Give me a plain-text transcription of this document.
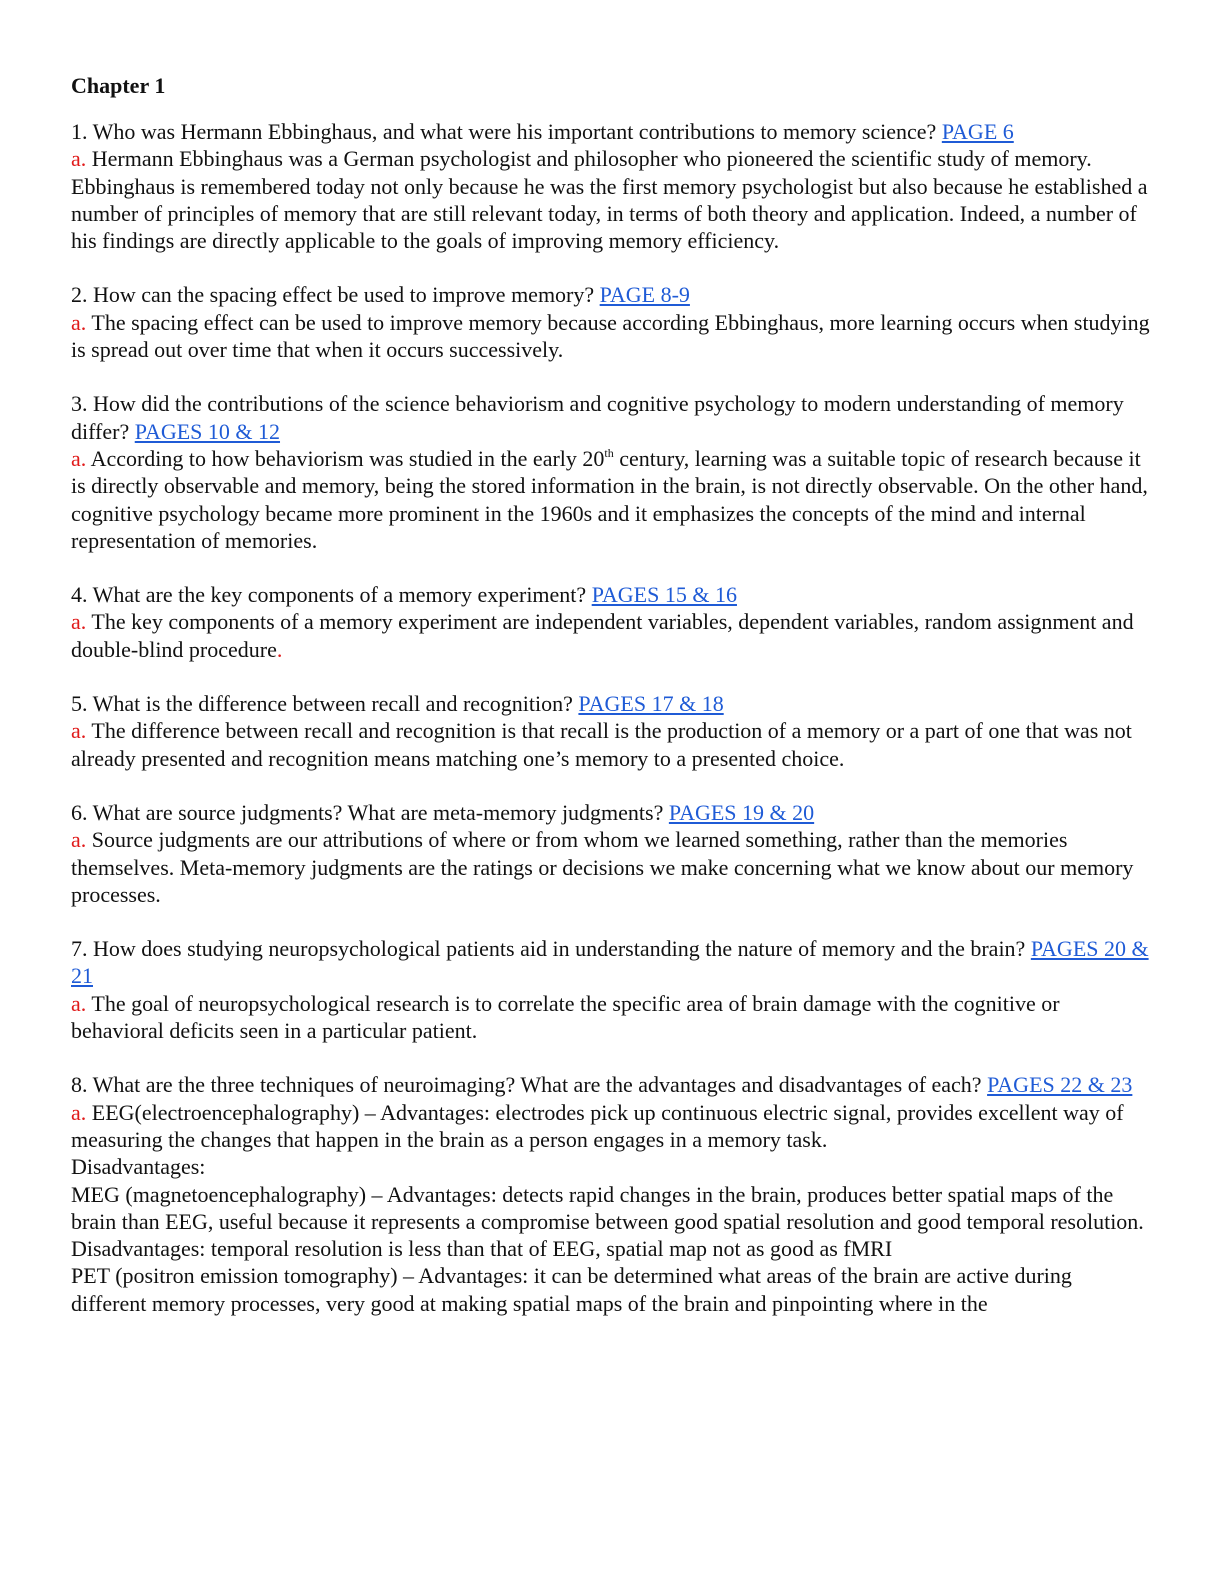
Chapter 1

1. Who was Hermann Ebbinghaus, and what were his important contributions to memory science? PAGE 6

a. Hermann Ebbinghaus was a German psychologist and philosopher who pioneered the scientific study of memory.

Ebbinghaus is remembered today not only because he was the first memory psychologist but also because he established a number of principles of memory that are still relevant today, in terms of both theory and application. Indeed, a number of his findings are directly applicable to the goals of improving memory efficiency.

2. How can the spacing effect be used to improve memory? PAGE 8-9

a. The spacing effect can be used to improve memory because according Ebbinghaus, more learning occurs when studying is spread out over time that when it occurs successively.

3. How did the contributions of the science behaviorism and cognitive psychology to modern understanding of memory differ? PAGES 10 & 12

a. According to how behaviorism was studied in the early 20th century, learning was a suitable topic of research because it is directly observable and memory, being the stored information in the brain, is not directly observable. On the other hand, cognitive psychology became more prominent in the 1960s and it emphasizes the concepts of the mind and internal representation of memories.

4. What are the key components of a memory experiment? PAGES 15 & 16

a. The key components of a memory experiment are independent variables, dependent variables, random assignment and double-blind procedure.

5. What is the difference between recall and recognition? PAGES 17 & 18

a. The difference between recall and recognition is that recall is the production of a memory or a part of one that was not already presented and recognition means matching one’s memory to a presented choice.

6. What are source judgments? What are meta-memory judgments? PAGES 19 & 20

a. Source judgments are our attributions of where or from whom we learned something, rather than the memories themselves. Meta-memory judgments are the ratings or decisions we make concerning what we know about our memory processes.

7. How does studying neuropsychological patients aid in understanding the nature of memory and the brain? PAGES 20 & 21

a. The goal of neuropsychological research is to correlate the specific area of brain damage with the cognitive or behavioral deficits seen in a particular patient.

8. What are the three techniques of neuroimaging? What are the advantages and disadvantages of each? PAGES 22 & 23

a. EEG(electroencephalography) – Advantages: electrodes pick up continuous electric signal, provides excellent way of measuring the changes that happen in the brain as a person engages in a memory task.

Disadvantages:

MEG (magnetoencephalography) – Advantages: detects rapid changes in the brain, produces better spatial maps of the brain than EEG, useful because it represents a compromise between good spatial resolution and good temporal resolution. Disadvantages: temporal resolution is less than that of EEG, spatial map not as good as fMRI

PET (positron emission tomography) – Advantages: it can be determined what areas of the brain are active during different memory processes, very good at making spatial maps of the brain and pinpointing where in the
